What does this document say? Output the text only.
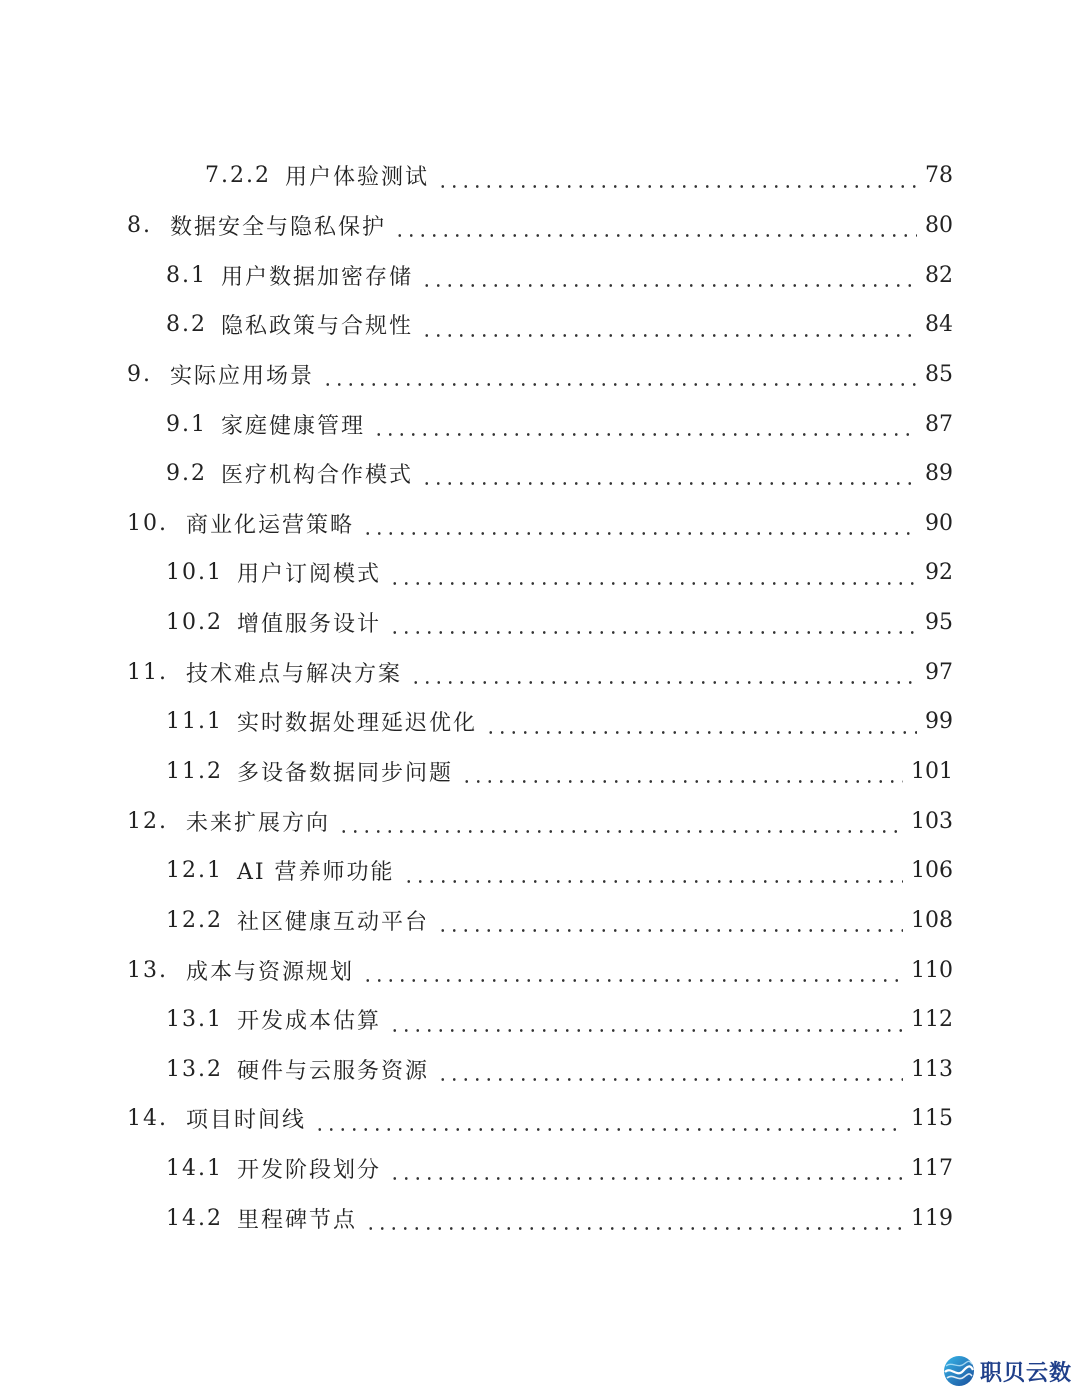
7.2.2 用户体验测试	78
8. 数据安全与隐私保护	80
8.1 用户数据加密存储	82
8.2 隐私政策与合规性	84
9. 实际应用场景	85
9.1 家庭健康管理	87
9.2 医疗机构合作模式	89
10. 商业化运营策略	90
10.1 用户订阅模式	92
10.2 增值服务设计	95
11. 技术难点与解决方案	97
11.1 实时数据处理延迟优化	99
11.2 多设备数据同步问题	101
12. 未来扩展方向	103
12.1 AI 营养师功能	106
12.2 社区健康互动平台	108
13. 成本与资源规划	110
13.1 开发成本估算	112
13.2 硬件与云服务资源	113
14. 项目时间线	115
14.1 开发阶段划分	117
14.2 里程碑节点	119
职贝云数
